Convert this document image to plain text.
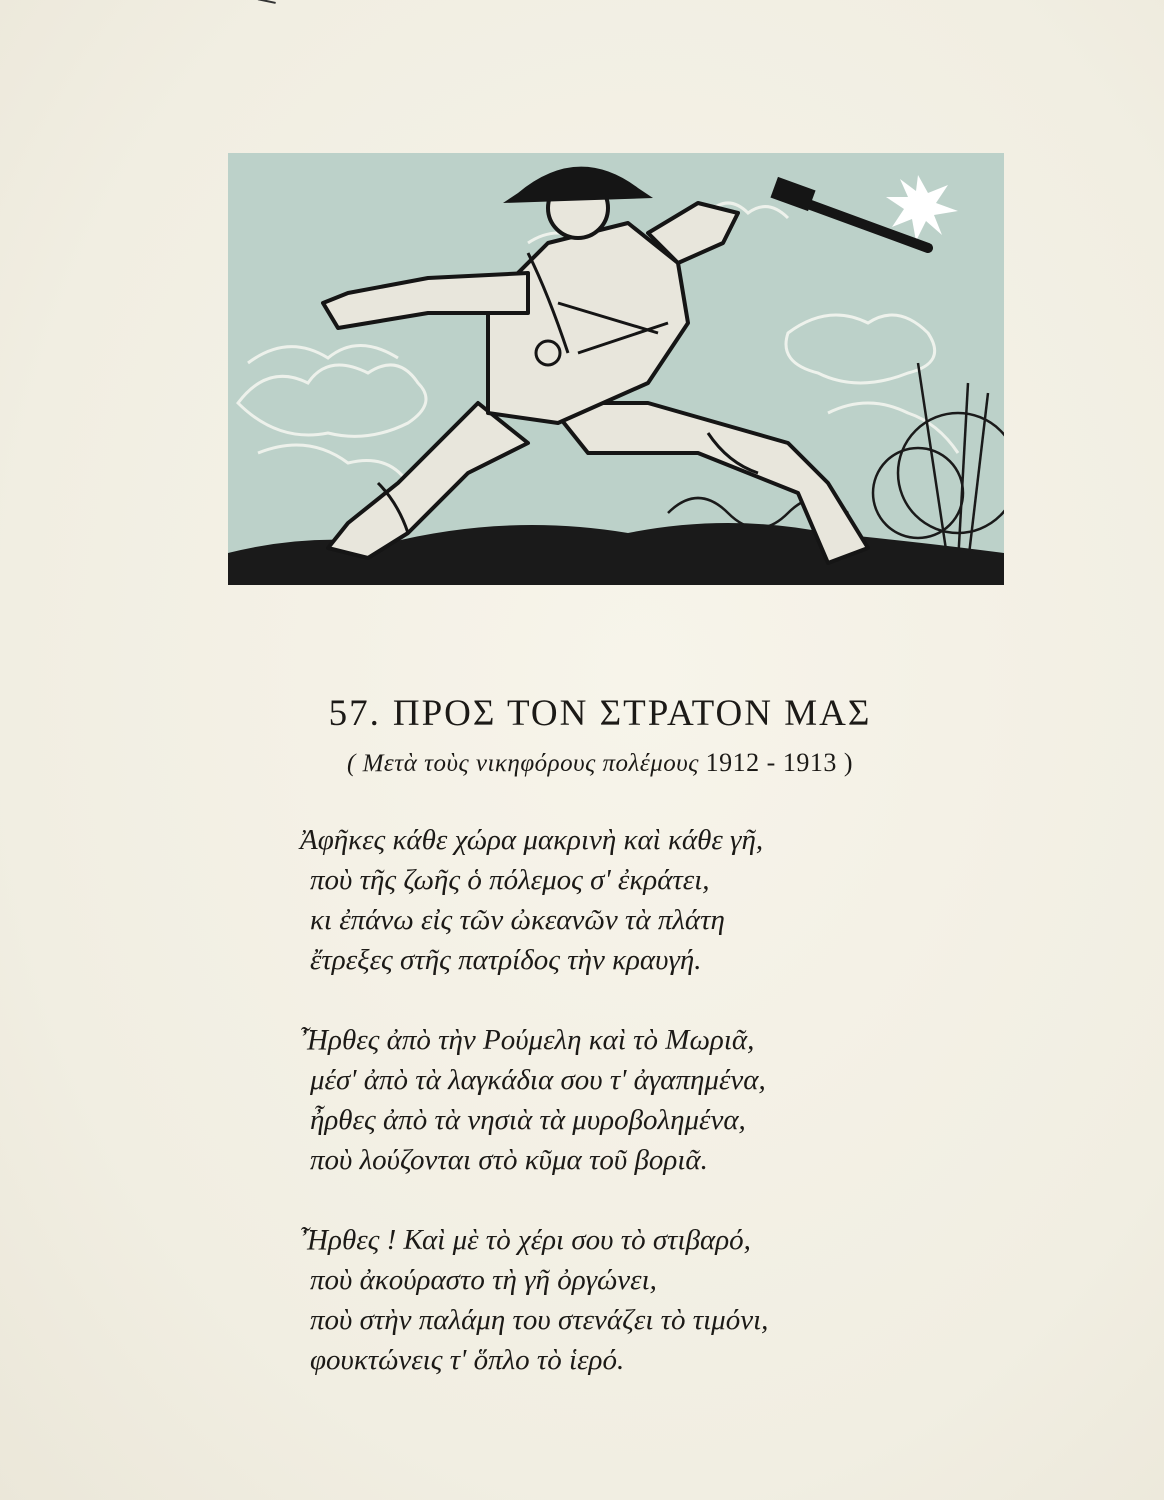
57. ΠΡΟΣ ΤΟΝ ΣΤΡΑΤΟΝ ΜΑΣ
( Μετὰ τοὺς νικηφόρους πολέμους 1912 - 1913 )
Ἀφῆκες κάθε χώρα μακρινὴ καὶ κάθε γῆ,
ποὺ τῆς ζωῆς ὁ πόλεμος σ' ἐκράτει,
κι ἐπάνω εἰς τῶν ὠκεανῶν τὰ πλάτη
ἔτρεξες στῆς πατρίδος τὴν κραυγή.
Ἦρθες ἀπὸ τὴν Ρούμελη καὶ τὸ Μωριᾶ,
μέσ' ἀπὸ τὰ λαγκάδια σου τ' ἀγαπημένα,
ἦρθες ἀπὸ τὰ νησιὰ τὰ μυροβολημένα,
ποὺ λούζονται στὸ κῦμα τοῦ βοριᾶ.
Ἦρθες ! Καὶ μὲ τὸ χέρι σου τὸ στιβαρό,
ποὺ ἀκούραστο τὴ γῆ ὀργώνει,
ποὺ στὴν παλάμη του στενάζει τὸ τιμόνι,
φουκτώνεις τ' ὅπλο τὸ ἱερό.
